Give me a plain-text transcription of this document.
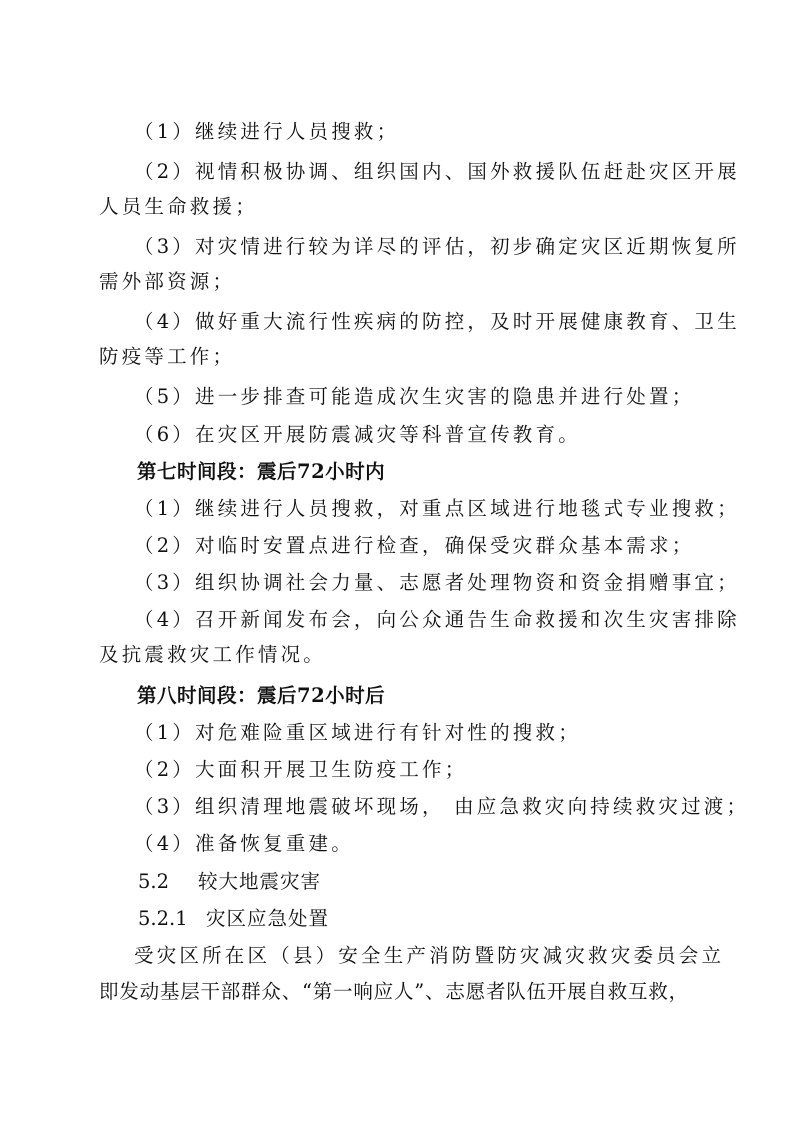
（1）继续进行人员搜救；
（2）视情积极协调、组织国内、国外救援队伍赶赴灾区开展
人员生命救援；
（3）对灾情进行较为详尽的评估，初步确定灾区近期恢复所
需外部资源；
（4）做好重大流行性疾病的防控，及时开展健康教育、卫生
防疫等工作；
（5）进一步排查可能造成次生灾害的隐患并进行处置；
（6）在灾区开展防震减灾等科普宣传教育。
第七时间段：震后72小时内
（1）继续进行人员搜救，对重点区域进行地毯式专业搜救；
（2）对临时安置点进行检查，确保受灾群众基本需求；
（3）组织协调社会力量、志愿者处理物资和资金捐赠事宜；
（4）召开新闻发布会，向公众通告生命救援和次生灾害排除
及抗震救灾工作情况。
第八时间段：震后72小时后
（1）对危难险重区域进行有针对性的搜救；
（2）大面积开展卫生防疫工作；
（3）组织清理地震破坏现场， 由应急救灾向持续救灾过渡；
（4）准备恢复重建。
5.2 较大地震灾害
5.2.1 灾区应急处置
受灾区所在区（县）安全生产消防暨防灾减灾救灾委员会立
即发动基层干部群众、“第一响应人”、志愿者队伍开展自救互救，
